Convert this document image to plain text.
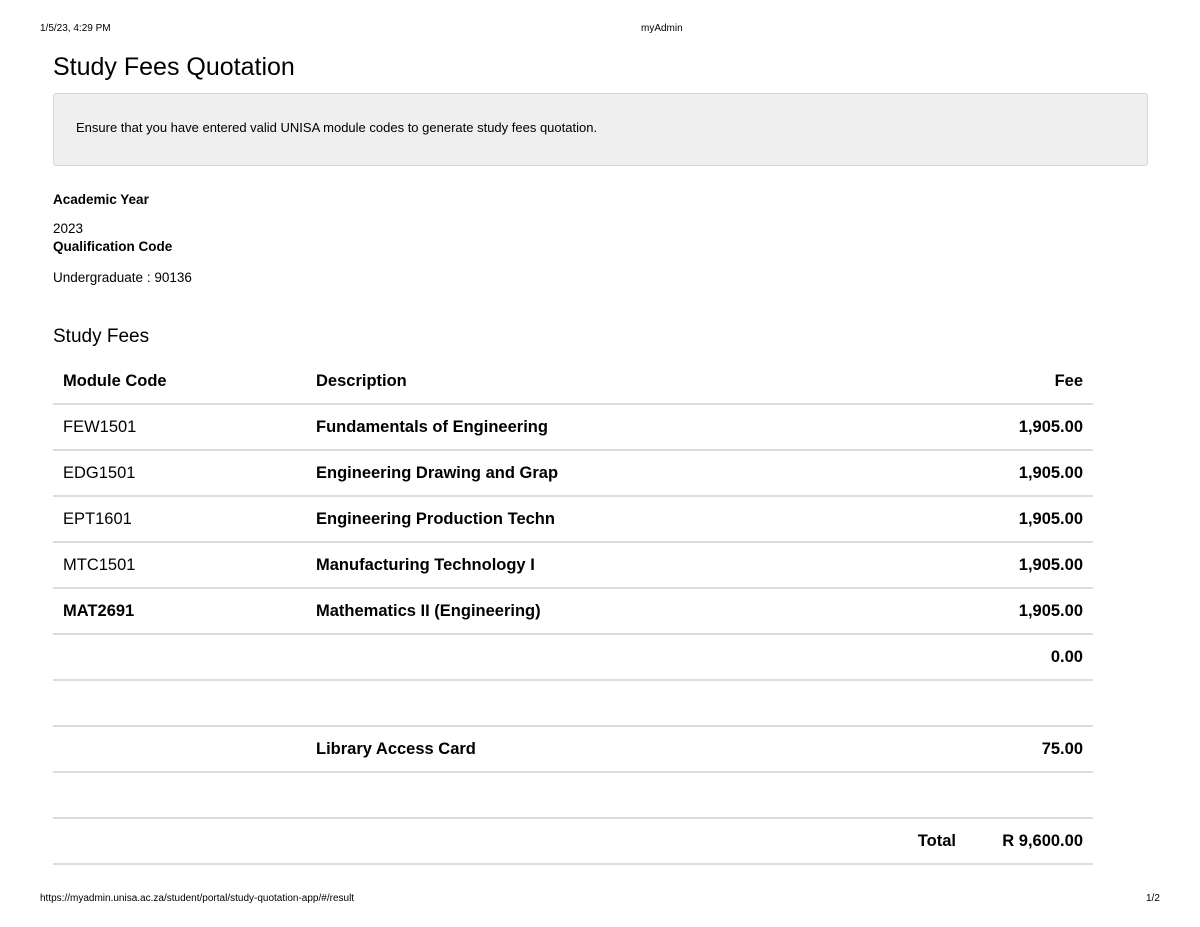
1/5/23, 4:29 PM	myAdmin
Study Fees Quotation
Ensure that you have entered valid UNISA module codes to generate study fees quotation.
Academic Year
2023
Qualification Code
Undergraduate : 90136
Study Fees
Module Code	Description		Fee
FEW1501	Fundamentals of Engineering		1,905.00
EDG1501	Engineering Drawing and Grap		1,905.00
EPT1601	Engineering Production Techn		1,905.00
MTC1501	Manufacturing Technology I		1,905.00
MAT2691	Mathematics II (Engineering)		1,905.00
			0.00

	Library Access Card		75.00

		Total	R 9,600.00
https://myadmin.unisa.ac.za/student/portal/study-quotation-app/#/result	1/2
